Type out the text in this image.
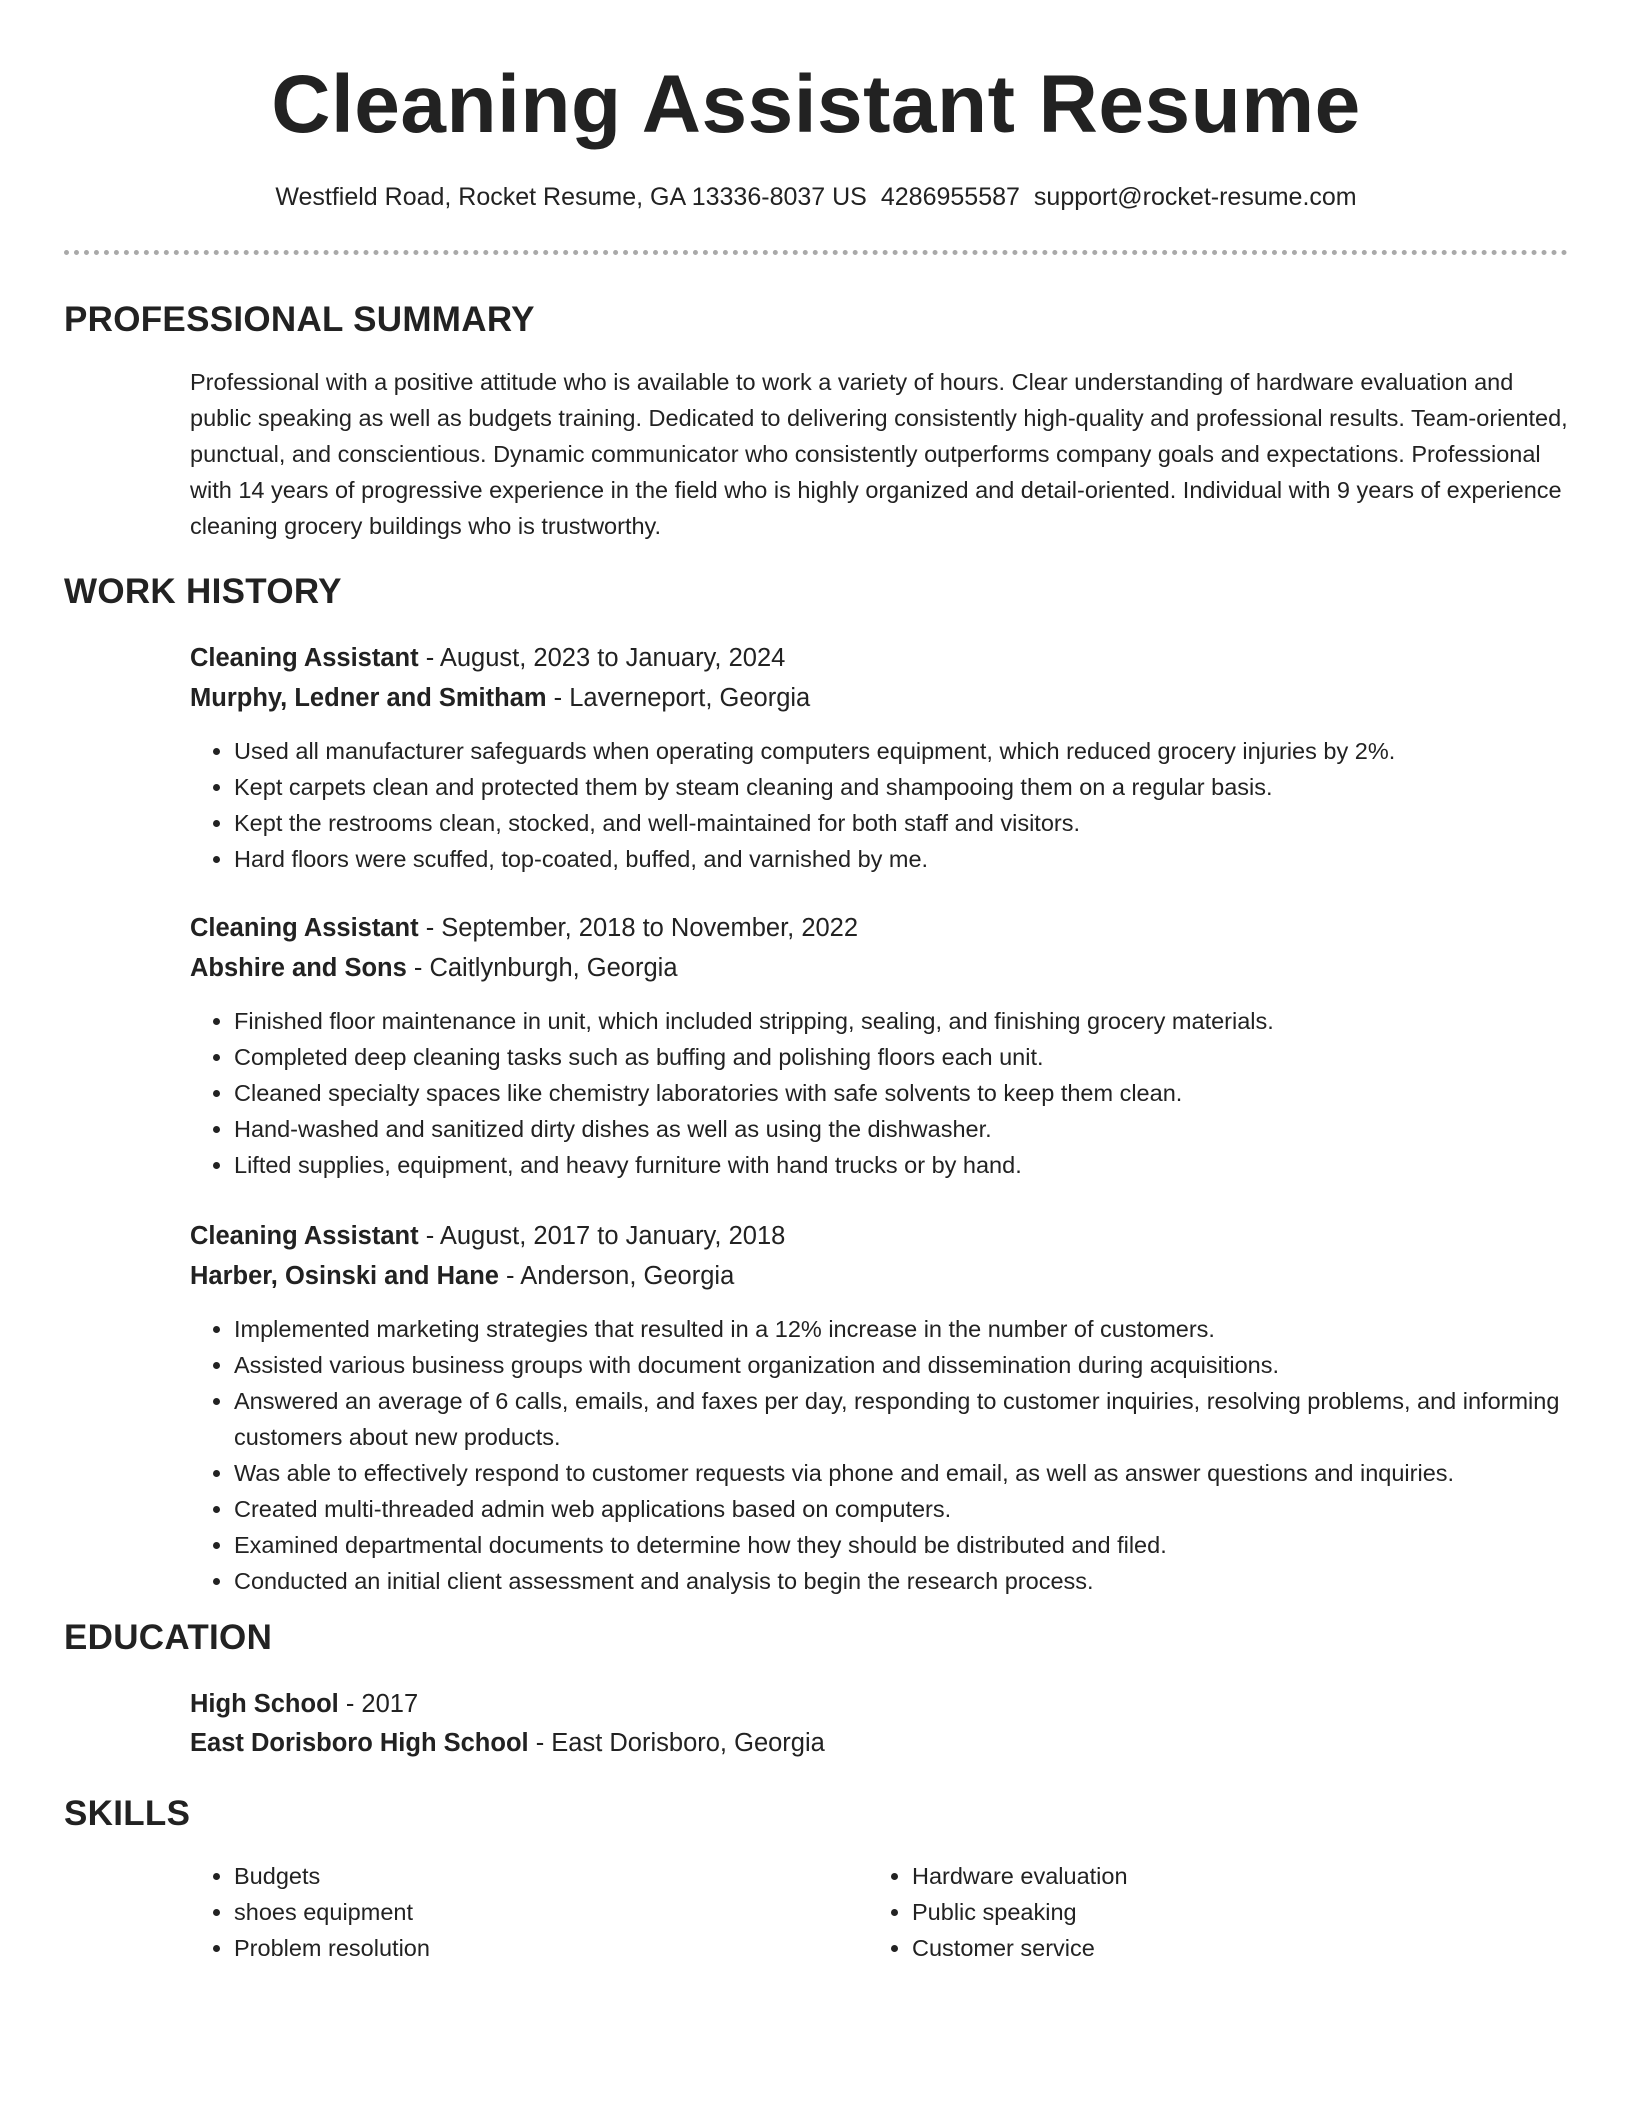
Cleaning Assistant Resume
Westfield Road, Rocket Resume, GA 13336-8037 US 4286955587 support@rocket-resume.com
PROFESSIONAL SUMMARY

Professional with a positive attitude who is available to work a variety of hours. Clear understanding of hardware evaluation and public speaking as well as budgets training. Dedicated to delivering consistently high-quality and professional results. Team-oriented, punctual, and conscientious. Dynamic communicator who consistently outperforms company goals and expectations. Professional with 14 years of progressive experience in the field who is highly organized and detail-oriented. Individual with 9 years of experience cleaning grocery buildings who is trustworthy.

WORK HISTORY
Cleaning Assistant - August, 2023 to January, 2024
Murphy, Ledner and Smitham - Laverneport, Georgia
• Used all manufacturer safeguards when operating computers equipment, which reduced grocery injuries by 2%.
• Kept carpets clean and protected them by steam cleaning and shampooing them on a regular basis.
• Kept the restrooms clean, stocked, and well-maintained for both staff and visitors.
• Hard floors were scuffed, top-coated, buffed, and varnished by me.
Cleaning Assistant - September, 2018 to November, 2022
Abshire and Sons - Caitlynburgh, Georgia
• Finished floor maintenance in unit, which included stripping, sealing, and finishing grocery materials.
• Completed deep cleaning tasks such as buffing and polishing floors each unit.
• Cleaned specialty spaces like chemistry laboratories with safe solvents to keep them clean.
• Hand-washed and sanitized dirty dishes as well as using the dishwasher.
• Lifted supplies, equipment, and heavy furniture with hand trucks or by hand.
Cleaning Assistant - August, 2017 to January, 2018
Harber, Osinski and Hane - Anderson, Georgia
• Implemented marketing strategies that resulted in a 12% increase in the number of customers.
• Assisted various business groups with document organization and dissemination during acquisitions.
• Answered an average of 6 calls, emails, and faxes per day, responding to customer inquiries, resolving problems, and informing customers about new products.
• Was able to effectively respond to customer requests via phone and email, as well as answer questions and inquiries.
• Created multi-threaded admin web applications based on computers.
• Examined departmental documents to determine how they should be distributed and filed.
• Conducted an initial client assessment and analysis to begin the research process.
EDUCATION
High School - 2017
East Dorisboro High School - East Dorisboro, Georgia
SKILLS
• Budgets
• shoes equipment
• Problem resolution
• Hardware evaluation
• Public speaking
• Customer service
